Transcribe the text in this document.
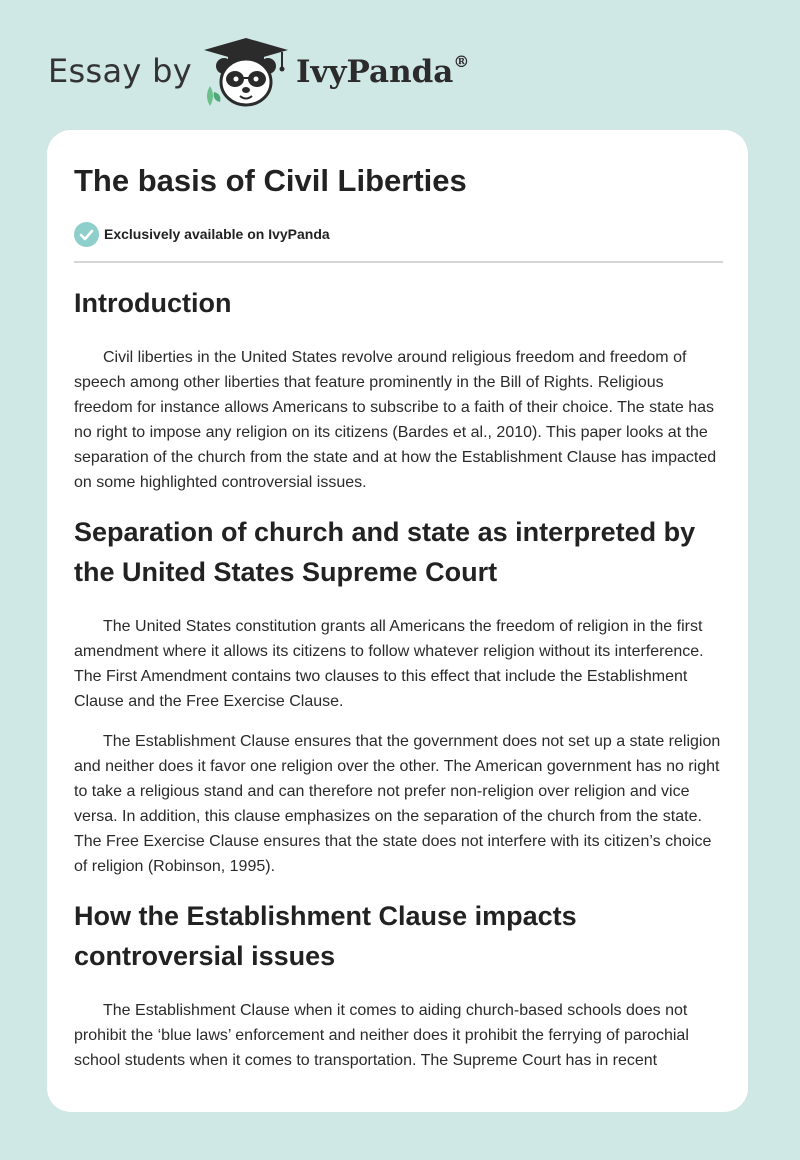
Essay by	IvyPanda®
The basis of Civil Liberties
Exclusively available on IvyPanda
Introduction

Civil liberties in the United States revolve around religious freedom and freedom of speech among other liberties that feature prominently in the Bill of Rights. Religious freedom for instance allows Americans to subscribe to a faith of their choice. The state has no right to impose any religion on its citizens (Bardes et al., 2010). This paper looks at the separation of the church from the state and at how the Establishment Clause has impacted on some highlighted controversial issues.

Separation of church and state as interpreted by the United States Supreme Court

The United States constitution grants all Americans the freedom of religion in the first amendment where it allows its citizens to follow whatever religion without its interference. The First Amendment contains two clauses to this effect that include the Establishment Clause and the Free Exercise Clause.

The Establishment Clause ensures that the government does not set up a state religion and neither does it favor one religion over the other. The American government has no right to take a religious stand and can therefore not prefer non-religion over religion and vice versa. In addition, this clause emphasizes on the separation of the church from the state. The Free Exercise Clause ensures that the state does not interfere with its citizen’s choice of religion (Robinson, 1995).

How the Establishment Clause impacts controversial issues

The Establishment Clause when it comes to aiding church-based schools does not prohibit the ‘blue laws’ enforcement and neither does it prohibit the ferrying of parochial school students when it comes to transportation. The Supreme Court has in recent
